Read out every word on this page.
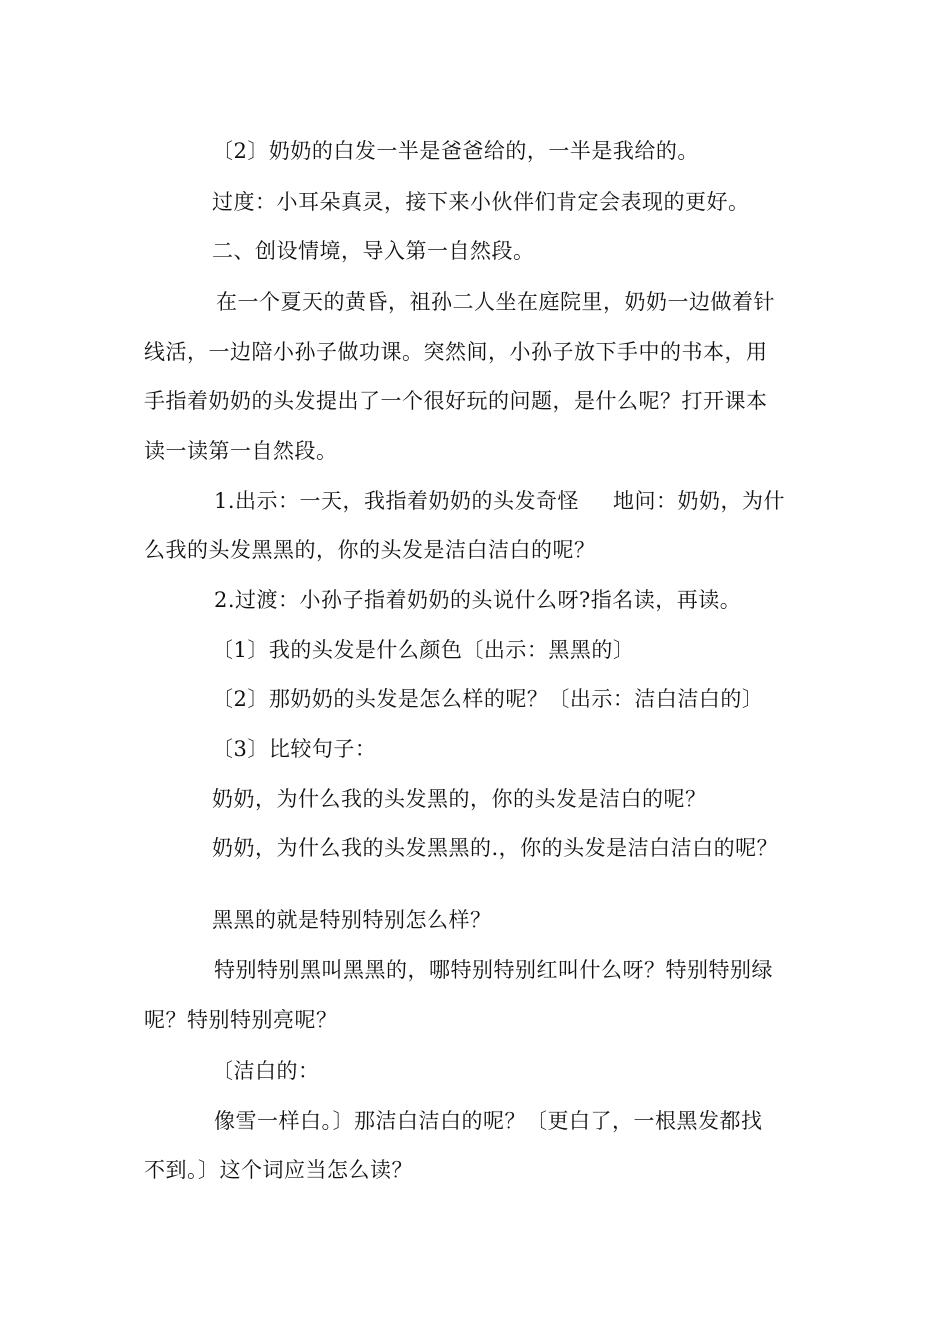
〔2〕奶奶的白发一半是爸爸给的，一半是我给的。
过度：小耳朵真灵，接下来小伙伴们肯定会表现的更好。
二、创设情境，导入第一自然段。
在一个夏天的黄昏，祖孙二人坐在庭院里，奶奶一边做着针
线活，一边陪小孙子做功课。突然间，小孙子放下手中的书本，用
手指着奶奶的头发提出了一个很好玩的问题，是什么呢？打开课本
读一读第一自然段。
1.出示：一天，我指着奶奶的头发奇怪 地问：奶奶，为什
么我的头发黑黑的，你的头发是洁白洁白的呢？
2.过渡：小孙子指着奶奶的头说什么呀?指名读，再读。
〔1〕我的头发是什么颜色〔出示：黑黑的〕
〔2〕那奶奶的头发是怎么样的呢？〔出示：洁白洁白的〕
〔3〕比较句子：
奶奶，为什么我的头发黑的，你的头发是洁白的呢？
奶奶，为什么我的头发黑黑的.，你的头发是洁白洁白的呢？
黑黑的就是特别特别怎么样？
特别特别黑叫黑黑的，哪特别特别红叫什么呀？特别特别绿
呢？特别特别亮呢？
〔洁白的：
像雪一样白。〕那洁白洁白的呢？〔更白了，一根黑发都找
不到。〕这个词应当怎么读？
